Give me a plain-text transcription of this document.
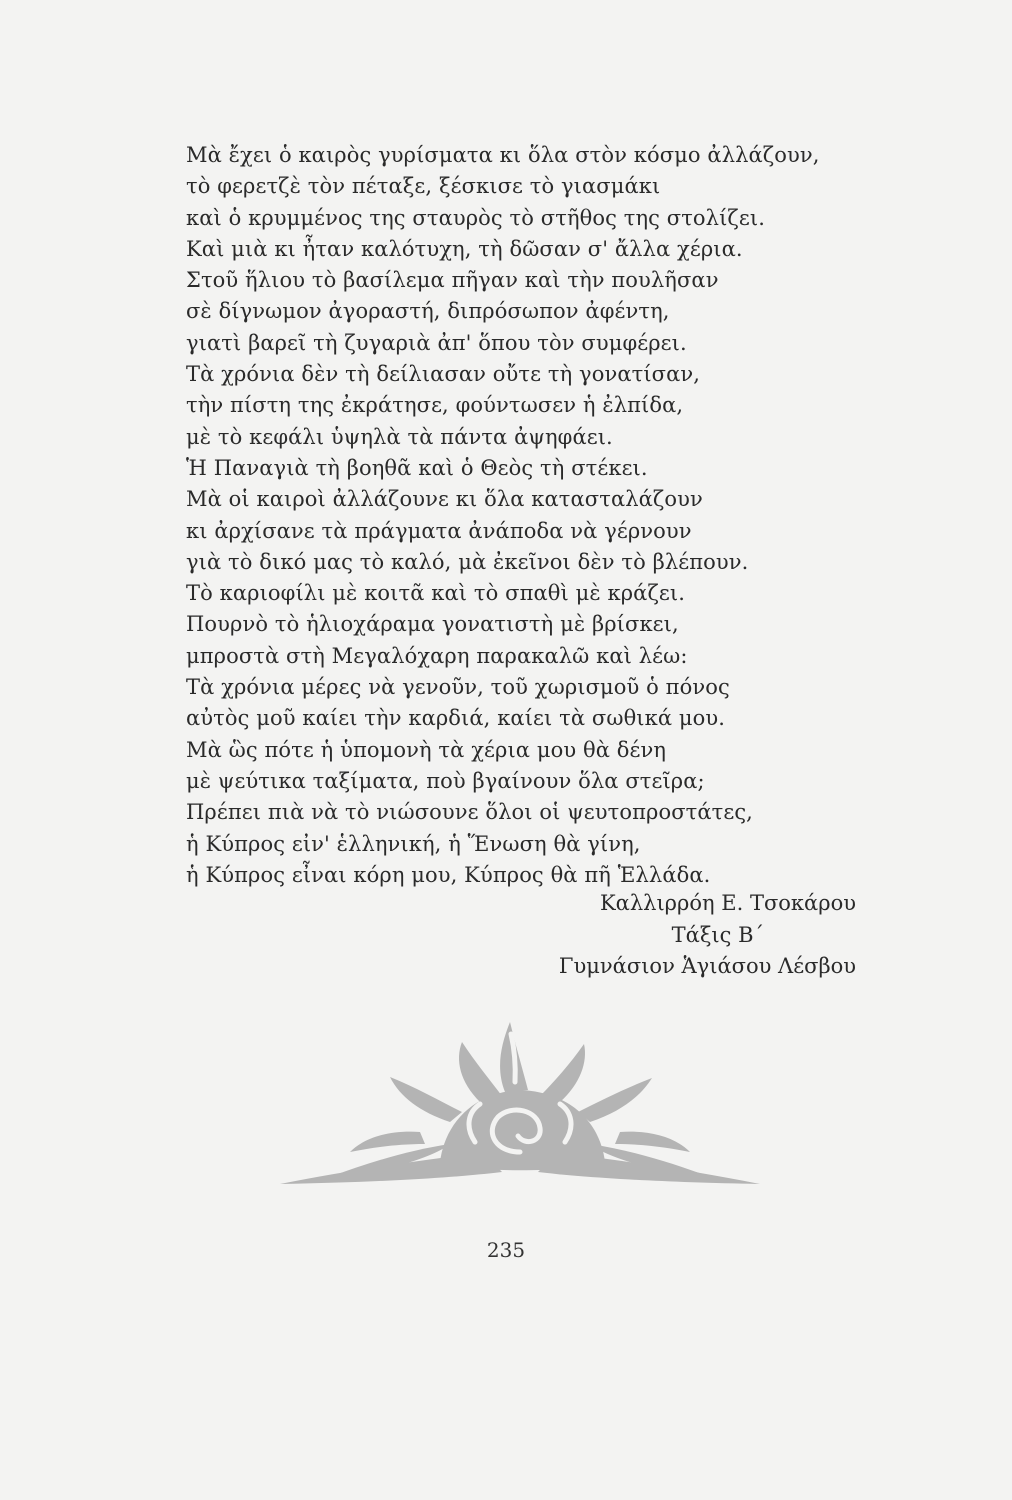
Μὰ ἔχει ὁ καιρὸς γυρίσματα κι ὅλα στὸν κόσμο ἀλλάζουν,
τὸ φερετζὲ τὸν πέταξε, ξέσκισε τὸ γιασμάκι
καὶ ὁ κρυμμένος της σταυρὸς τὸ στῆθος της στολίζει.
Καὶ μιὰ κι ἦταν καλότυχη, τὴ δῶσαν σ' ἄλλα χέρια.
Στοῦ ἥλιου τὸ βασίλεμα πῆγαν καὶ τὴν πουλῆσαν
σὲ δίγνωμον ἀγοραστή, διπρόσωπον ἀφέντη,
γιατὶ βαρεῖ τὴ ζυγαριὰ ἀπ' ὅπου τὸν συμφέρει.
Τὰ χρόνια δὲν τὴ δείλιασαν οὔτε τὴ γονατίσαν,
τὴν πίστη της ἐκράτησε, φούντωσεν ἡ ἐλπίδα,
μὲ τὸ κεφάλι ὑψηλὰ τὰ πάντα ἀψηφάει.
Ἡ Παναγιὰ τὴ βοηθᾶ καὶ ὁ Θεὸς τὴ στέκει.
Μὰ οἱ καιροὶ ἀλλάζουνε κι ὅλα κατασταλάζουν
κι ἀρχίσανε τὰ πράγματα ἀνάποδα νὰ γέρνουν
γιὰ τὸ δικό μας τὸ καλό, μὰ ἐκεῖνοι δὲν τὸ βλέπουν.
Τὸ καριοφίλι μὲ κοιτᾶ καὶ τὸ σπαθὶ μὲ κράζει.
Πουρνὸ τὸ ἡλιοχάραμα γονατιστὴ μὲ βρίσκει,
μπροστὰ στὴ Μεγαλόχαρη παρακαλῶ καὶ λέω:
Τὰ χρόνια μέρες νὰ γενοῦν, τοῦ χωρισμοῦ ὁ πόνος
αὐτὸς μοῦ καίει τὴν καρδιά, καίει τὰ σωθικά μου.
Μὰ ὣς πότε ἡ ὑπομονὴ τὰ χέρια μου θὰ δένη
μὲ ψεύτικα ταξίματα, ποὺ βγαίνουν ὅλα στεῖρα;
Πρέπει πιὰ νὰ τὸ νιώσουνε ὅλοι οἱ ψευτοπροστάτες,
ἡ Κύπρος εἰν' ἑλληνική, ἡ Ἕνωση θὰ γίνη,
ἡ Κύπρος εἶναι κόρη μου, Κύπρος θὰ πῆ Ἑλλάδα.
Καλλιρρόη Ε. Τσοκάρου
Τάξις Β΄
Γυμνάσιον Ἁγιάσου Λέσβου
235
